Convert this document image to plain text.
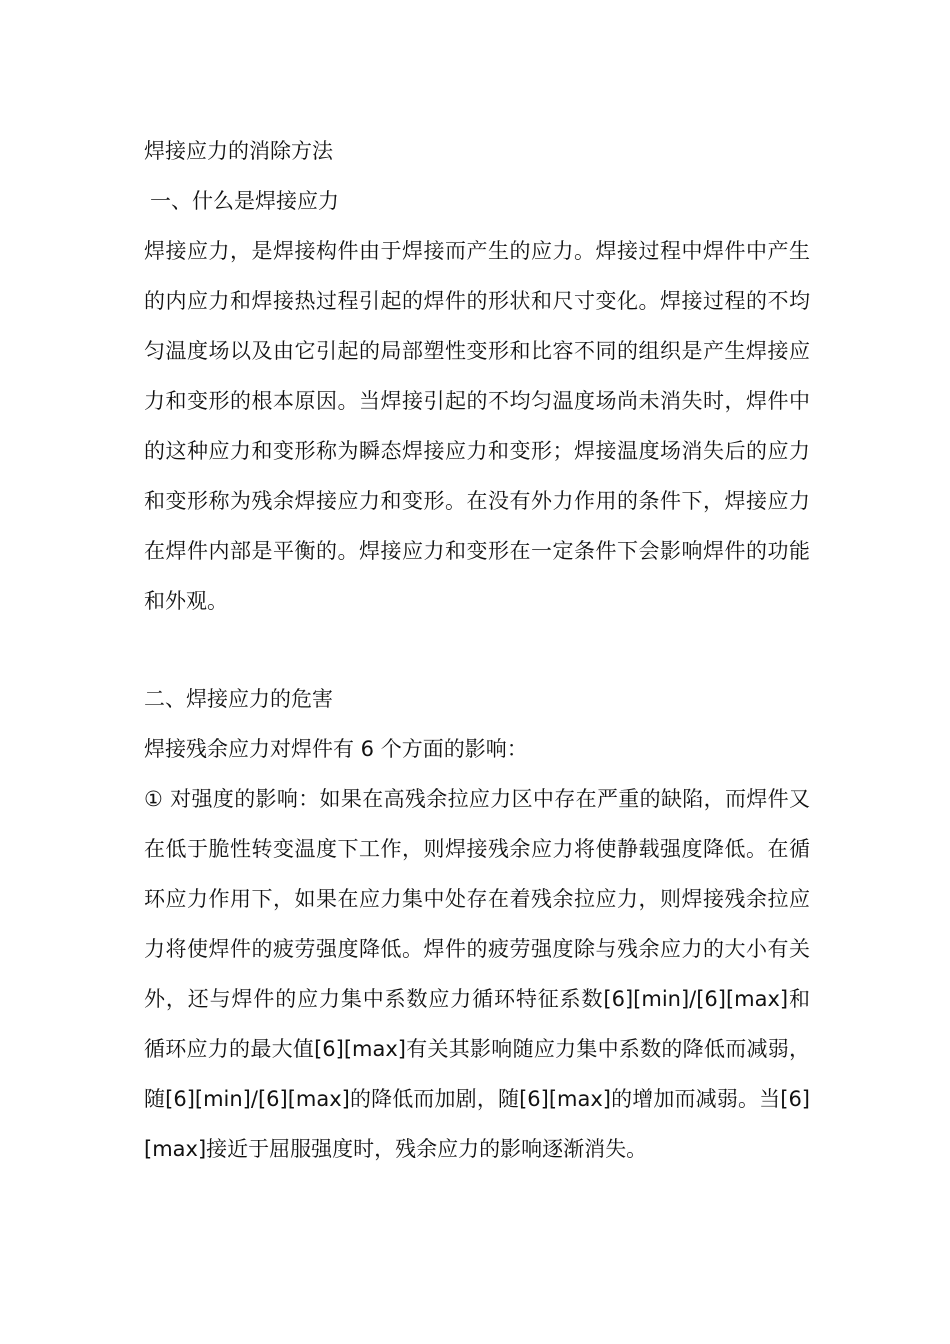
焊接应力的消除方法

一、什么是焊接应力

焊接应力，是焊接构件由于焊接而产生的应力。焊接过程中焊件中产生的内应力和焊接热过程引起的焊件的形状和尺寸变化。焊接过程的不均匀温度场以及由它引起的局部塑性变形和比容不同的组织是产生焊接应力和变形的根本原因。当焊接引起的不均匀温度场尚未消失时，焊件中的这种应力和变形称为瞬态焊接应力和变形；焊接温度场消失后的应力和变形称为残余焊接应力和变形。在没有外力作用的条件下，焊接应力在焊件内部是平衡的。焊接应力和变形在一定条件下会影响焊件的功能和外观。

二、焊接应力的危害

焊接残余应力对焊件有 6 个方面的影响：

① 对强度的影响：如果在高残余拉应力区中存在严重的缺陷，而焊件又在低于脆性转变温度下工作，则焊接残余应力将使静载强度降低。在循环应力作用下，如果在应力集中处存在着残余拉应力，则焊接残余拉应力将使焊件的疲劳强度降低。焊件的疲劳强度除与残余应力的大小有关外，还与焊件的应力集中系数应力循环特征系数[6][min]/[6][max]和循环应力的最大值[6][max]有关其影响随应力集中系数的降低而减弱，随[6][min]/[6][max]的降低而加剧，随[6][max]的增加而减弱。当[6][max]接近于屈服强度时，残余应力的影响逐渐消失。
